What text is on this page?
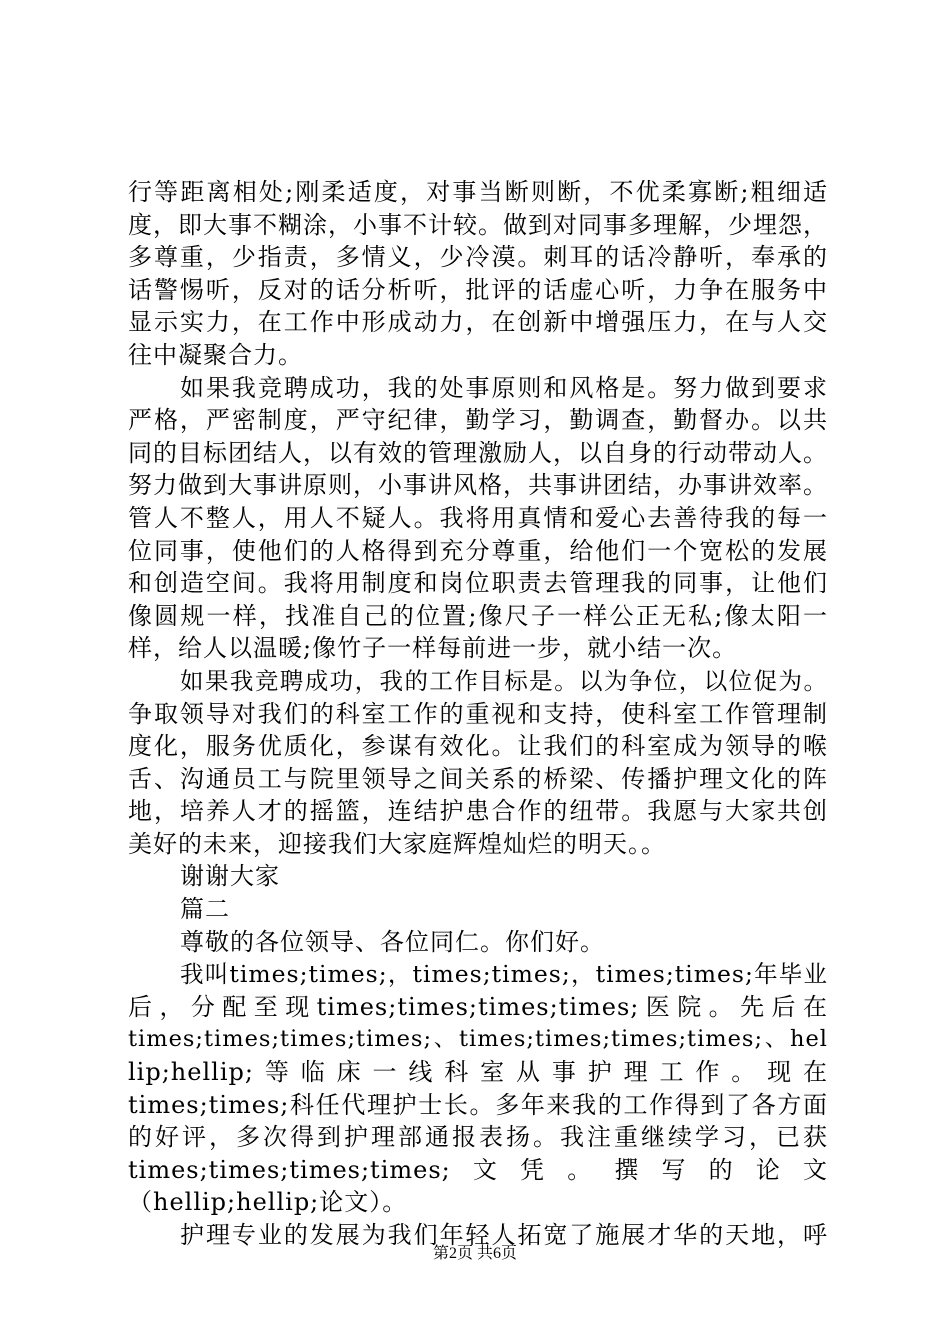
行等距离相处;刚柔适度，对事当断则断，不优柔寡断;粗细适
度，即大事不糊涂，小事不计较。做到对同事多理解，少埋怨，
多尊重，少指责，多情义，少冷漠。刺耳的话冷静听，奉承的
话警惕听，反对的话分析听，批评的话虚心听，力争在服务中
显示实力，在工作中形成动力，在创新中增强压力，在与人交
往中凝聚合力。
如果我竞聘成功，我的处事原则和风格是。努力做到要求
严格，严密制度，严守纪律，勤学习，勤调查，勤督办。以共
同的目标团结人，以有效的管理激励人，以自身的行动带动人。
努力做到大事讲原则，小事讲风格，共事讲团结，办事讲效率。
管人不整人，用人不疑人。我将用真情和爱心去善待我的每一
位同事，使他们的人格得到充分尊重，给他们一个宽松的发展
和创造空间。我将用制度和岗位职责去管理我的同事，让他们
像圆规一样，找准自己的位置;像尺子一样公正无私;像太阳一
样，给人以温暖;像竹子一样每前进一步，就小结一次。
如果我竞聘成功，我的工作目标是。以为争位，以位促为。
争取领导对我们的科室工作的重视和支持，使科室工作管理制
度化，服务优质化，参谋有效化。让我们的科室成为领导的喉
舌、沟通员工与院里领导之间关系的桥梁、传播护理文化的阵
地，培养人才的摇篮，连结护患合作的纽带。我愿与大家共创
美好的未来，迎接我们大家庭辉煌灿烂的明天。。
谢谢大家
篇二
尊敬的各位领导、各位同仁。你们好。
我叫times;times;，times;times;，times;times;年毕业
后，分配至现times;times;times;times;医院。先后在
times;times;times;times;、times;times;times;times;、hel
lip;hellip;等临床一线科室从事护理工作。现在
times;times;科任代理护士长。多年来我的工作得到了各方面
的好评，多次得到护理部通报表扬。我注重继续学习，已获
times;times;times;times;文凭。撰写的论文
（hellip;hellip;论文）。
护理专业的发展为我们年轻人拓宽了施展才华的天地，呼
第2页 共6页
